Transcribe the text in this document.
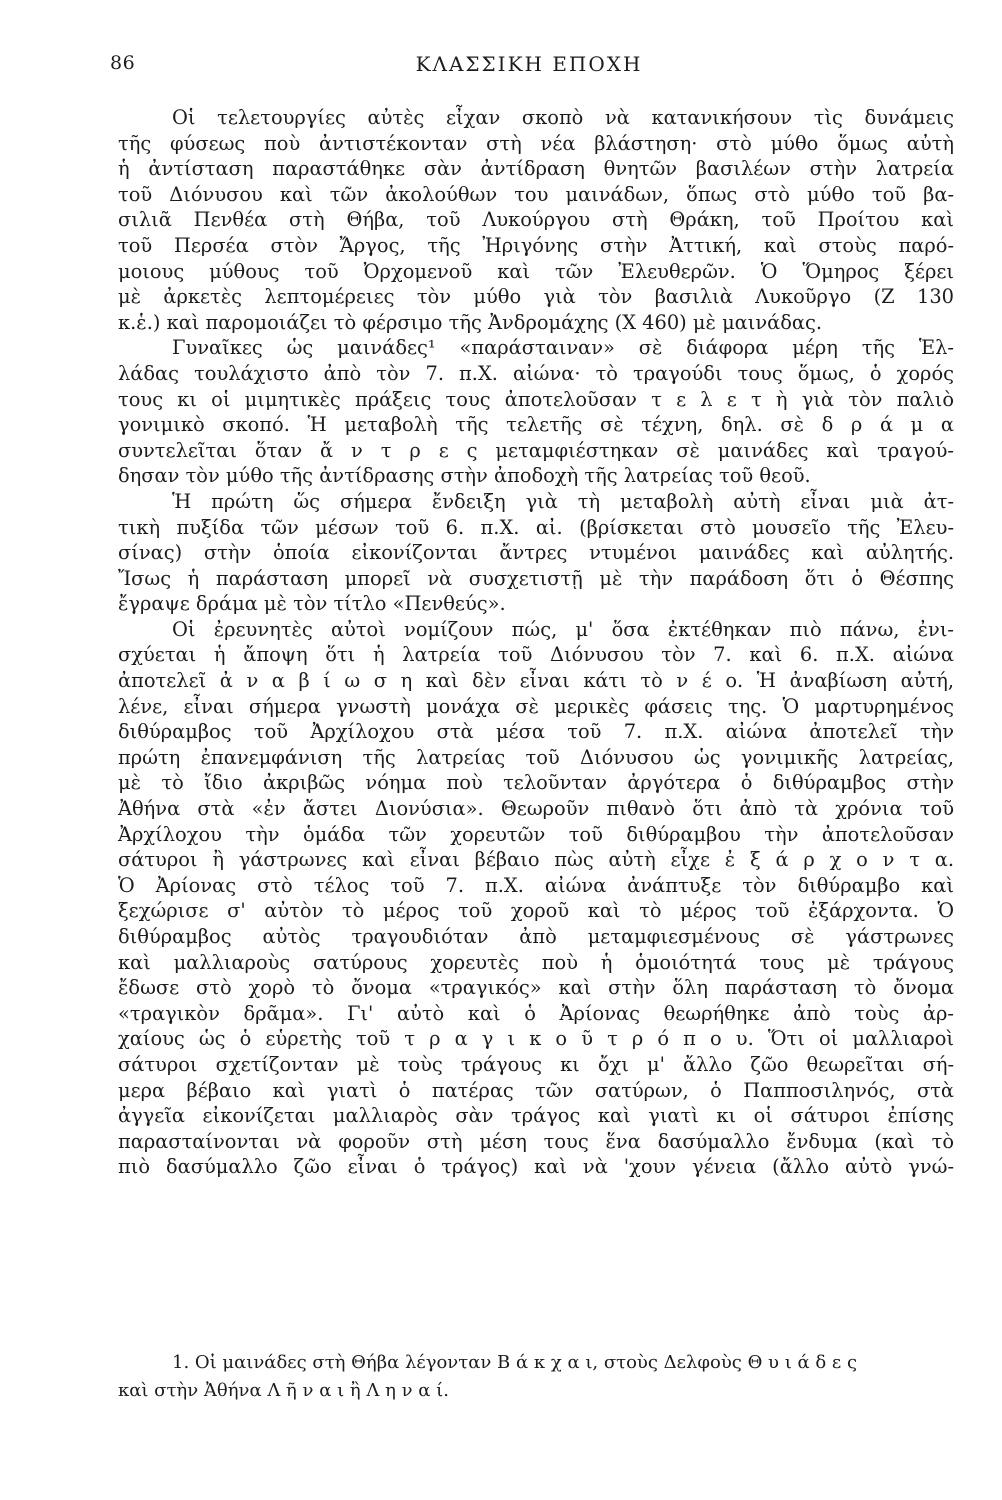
86	ΚΛΑΣΣΙΚΗ ΕΠΟΧΗ
Οἱ τελετουργίες αὐτὲς εἶχαν σκοπὸ νὰ κατανικήσουν τὶς δυνάμεις
τῆς φύσεως ποὺ ἀντιστέκονταν στὴ νέα βλάστηση· στὸ μύθο ὅμως αὐτὴ
ἡ ἀντίσταση παραστάθηκε σὰν ἀντίδραση θνητῶν βασιλέων στὴν λατρεία
τοῦ Διόνυσου καὶ τῶν ἀκολούθων του μαινάδων, ὅπως στὸ μύθο τοῦ βα-
σιλιᾶ Πενθέα στὴ Θήβα, τοῦ Λυκούργου στὴ Θράκη, τοῦ Προίτου καὶ
τοῦ Περσέα στὸν Ἄργος, τῆς Ἠριγόνης στὴν Ἀττική, καὶ στοὺς παρό-
μοιους μύθους τοῦ Ὀρχομενοῦ καὶ τῶν Ἐλευθερῶν. Ὁ Ὅμηρος ξέρει
μὲ ἀρκετὲς λεπτομέρειες τὸν μύθο γιὰ τὸν βασιλιὰ Λυκοῦργο (Ζ 130
κ.ἑ.) καὶ παρομοιάζει τὸ φέρσιμο τῆς Ἀνδρομάχης (Χ 460) μὲ μαινάδας.
Γυναῖκες ὡς μαινάδες¹ «παράσταιναν» σὲ διάφορα μέρη τῆς Ἑλ-
λάδας τουλάχιστο ἀπὸ τὸν 7. π.Χ. αἰώνα· τὸ τραγούδι τους ὅμως, ὁ χορός
τους κι οἱ μιμητικὲς πράξεις τους ἀποτελοῦσαν τ ε λ ε τ ὴ γιὰ τὸν παλιὸ
γονιμικὸ σκοπό. Ἡ μεταβολὴ τῆς τελετῆς σὲ τέχνη, δηλ. σὲ δ ρ ά μ α
συντελεῖται ὅταν ἄ ν τ ρ ε ς μεταμφιέστηκαν σὲ μαινάδες καὶ τραγού-
δησαν τὸν μύθο τῆς ἀντίδρασης στὴν ἀποδοχὴ τῆς λατρείας τοῦ θεοῦ.
Ἡ πρώτη ὥς σήμερα ἔνδειξη γιὰ τὴ μεταβολὴ αὐτὴ εἶναι μιὰ ἀτ-
τικὴ πυξίδα τῶν μέσων τοῦ 6. π.Χ. αἰ. (βρίσκεται στὸ μουσεῖο τῆς Ἐλευ-
σίνας) στὴν ὁποία εἰκονίζονται ἄντρες ντυμένοι μαινάδες καὶ αὐλητής.
Ἴσως ἡ παράσταση μπορεῖ νὰ συσχετιστῇ μὲ τὴν παράδοση ὅτι ὁ Θέσπης
ἔγραψε δράμα μὲ τὸν τίτλο «Πενθεύς».
Οἱ ἐρευνητὲς αὐτοὶ νομίζουν πώς, μ' ὅσα ἐκτέθηκαν πιὸ πάνω, ἐνι-
σχύεται ἡ ἄποψη ὅτι ἡ λατρεία τοῦ Διόνυσου τὸν 7. καὶ 6. π.Χ. αἰώνα
ἀποτελεῖ ἀ ν α β ί ω σ η καὶ δὲν εἶναι κάτι τὸ ν έ ο. Ἡ ἀναβίωση αὐτή,
λένε, εἶναι σήμερα γνωστὴ μονάχα σὲ μερικὲς φάσεις της. Ὁ μαρτυρημένος
διθύραμβος τοῦ Ἀρχίλοχου στὰ μέσα τοῦ 7. π.Χ. αἰώνα ἀποτελεῖ τὴν
πρώτη ἐπανεμφάνιση τῆς λατρείας τοῦ Διόνυσου ὡς γονιμικῆς λατρείας,
μὲ τὸ ἴδιο ἀκριβῶς νόημα ποὺ τελοῦνταν ἀργότερα ὁ διθύραμβος στὴν
Ἀθήνα στὰ «ἐν ἄστει Διονύσια». Θεωροῦν πιθανὸ ὅτι ἀπὸ τὰ χρόνια τοῦ
Ἀρχίλοχου τὴν ὁμάδα τῶν χορευτῶν τοῦ διθύραμβου τὴν ἀποτελοῦσαν
σάτυροι ἢ γάστρωνες καὶ εἶναι βέβαιο πὼς αὐτὴ εἶχε ἐ ξ ά ρ χ ο ν τ α.
Ὁ Ἀρίονας στὸ τέλος τοῦ 7. π.Χ. αἰώνα ἀνάπτυξε τὸν διθύραμβο καὶ
ξεχώρισε σ' αὐτὸν τὸ μέρος τοῦ χοροῦ καὶ τὸ μέρος τοῦ ἐξάρχοντα. Ὁ
διθύραμβος αὐτὸς τραγουδιόταν ἀπὸ μεταμφιεσμένους σὲ γάστρωνες
καὶ μαλλιαροὺς σατύρους χορευτὲς ποὺ ἡ ὁμοιότητά τους μὲ τράγους
ἔδωσε στὸ χορὸ τὸ ὄνομα «τραγικός» καὶ στὴν ὅλη παράσταση τὸ ὄνομα
«τραγικὸν δρᾶμα». Γι' αὐτὸ καὶ ὁ Ἀρίονας θεωρήθηκε ἀπὸ τοὺς ἀρ-
χαίους ὡς ὁ εὑρετὴς τοῦ τ ρ α γ ι κ ο ῦ τ ρ ό π ο υ. Ὅτι οἱ μαλλιαροὶ
σάτυροι σχετίζονταν μὲ τοὺς τράγους κι ὄχι μ' ἄλλο ζῶο θεωρεῖται σή-
μερα βέβαιο καὶ γιατὶ ὁ πατέρας τῶν σατύρων, ὁ Παπποσιληνός, στὰ
ἀγγεῖα εἰκονίζεται μαλλιαρὸς σὰν τράγος καὶ γιατὶ κι οἱ σάτυροι ἐπίσης
παρασταίνονται νὰ φοροῦν στὴ μέση τους ἕνα δασύμαλλο ἔνδυμα (καὶ τὸ
πιὸ δασύμαλλο ζῶο εἶναι ὁ τράγος) καὶ νὰ 'χουν γένεια (ἄλλο αὐτὸ γνώ-
1. Οἱ μαινάδες στὴ Θήβα λέγονταν Β ά κ χ α ι, στοὺς Δελφοὺς Θ υ ι ά δ ε ς
καὶ στὴν Ἀθήνα Λ ῆ ν α ι ἢ Λ η ν α ί.
